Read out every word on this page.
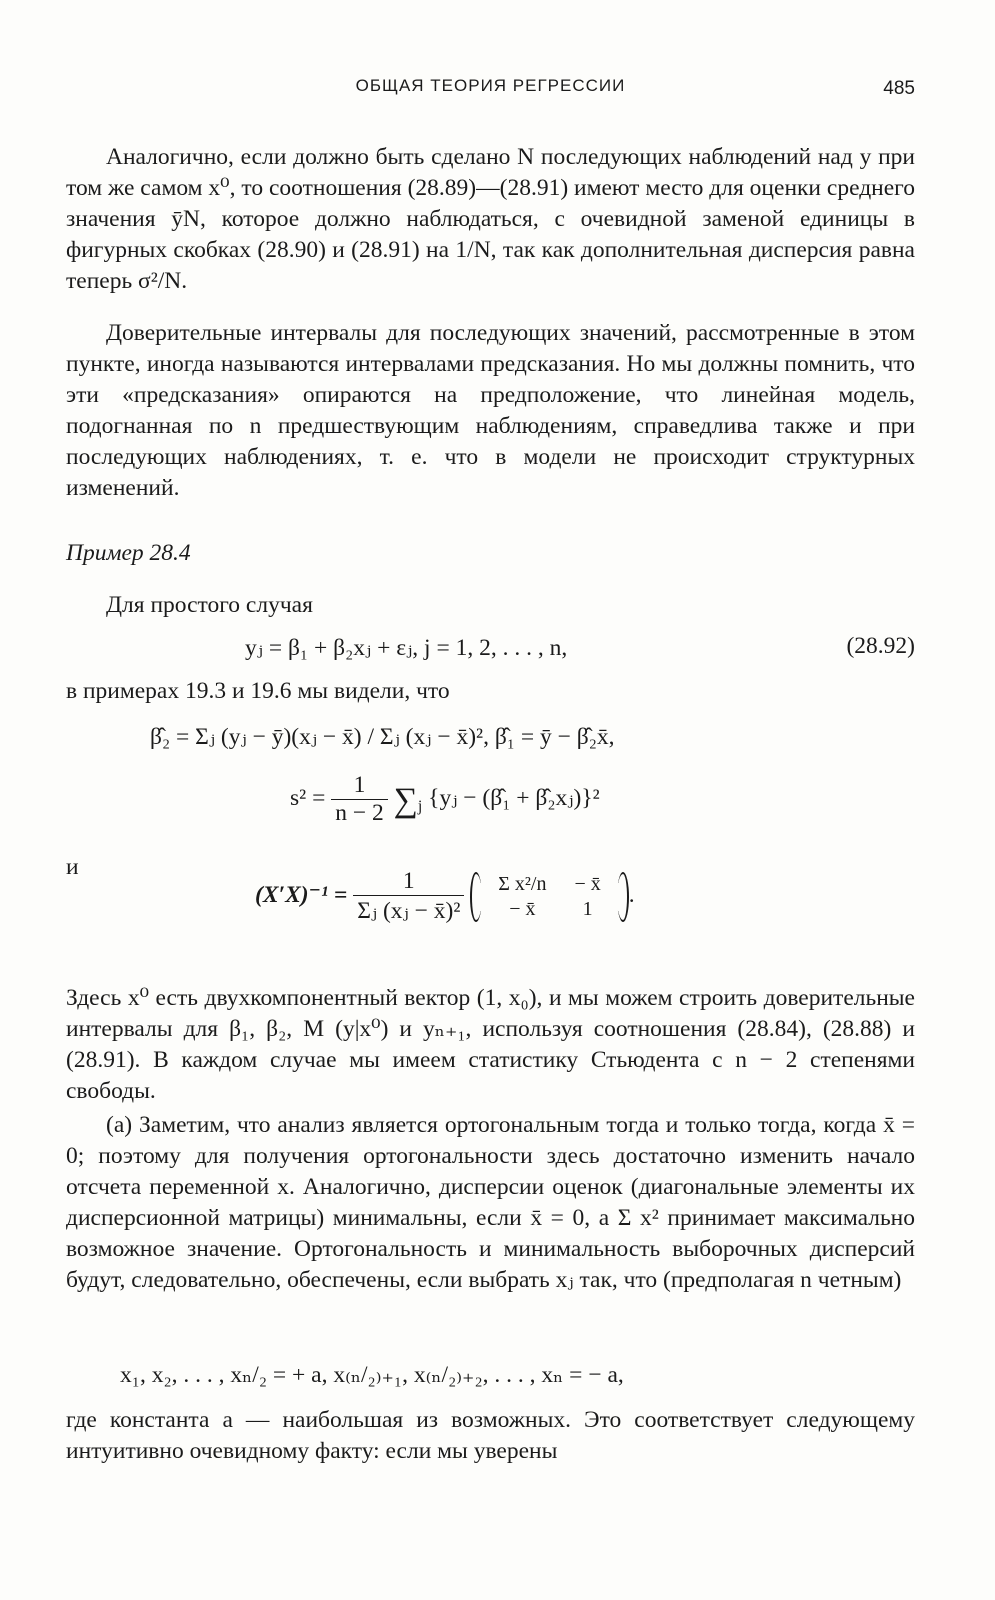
ОБЩАЯ ТЕОРИЯ РЕГРЕССИИ	485

Аналогично, если должно быть сделано N последующих наблюдений над y при том же самом x⁰, то соотношения (28.89)—(28.91) имеют место для оценки среднего значения ȳN, которое должно наблюдаться, с очевидной заменой единицы в фигурных скобках (28.90) и (28.91) на 1/N, так как дополнительная дисперсия равна теперь σ²/N.

Доверительные интервалы для последующих значений, рассмотренные в этом пункте, иногда называются интервалами предсказания. Но мы должны помнить, что эти «предсказания» опираются на предположение, что линейная модель, подогнанная по n предшествующим наблюдениям, справедлива также и при последующих наблюдениях, т. е. что в модели не происходит структурных изменений.

Пример 28.4

Для простого случая

yⱼ = β₁ + β₂xⱼ + εⱼ, j = 1, 2, . . . , n,	(28.92)

в примерах 19.3 и 19.6 мы видели, что

β̂₂ = Σⱼ (yⱼ − ȳ)(xⱼ − x̄) / Σⱼ (xⱼ − x̄)², β̂₁ = ȳ − β̂₂x̄,
$s^2 = \frac{1}{n - 2} \sum_j$ {yⱼ − (β̂₁ + β̂₂xⱼ)}²
и
$(X'X)^{-1} = \frac{1}{\text{Σⱼ (xⱼ − x̄)²}}$
Σ x²/n	− x̄
− x̄	1
.

Здесь x⁰ есть двухкомпонентный вектор (1, x₀), и мы можем строить доверительные интервалы для β₁, β₂, M (y|x⁰) и yₙ₊₁, используя соотношения (28.84), (28.88) и (28.91). В каждом случае мы имеем статистику Стьюдента с n − 2 степенями свободы.

(a) Заметим, что анализ является ортогональным тогда и только тогда, когда x̄ = 0; поэтому для получения ортогональности здесь достаточно изменить начало отсчета переменной x. Аналогично, дисперсии оценок (диагональные элементы их дисперсионной матрицы) минимальны, если x̄ = 0, а Σ x² принимает максимально возможное значение. Ортогональность и минимальность выборочных дисперсий будут, следовательно, обеспечены, если выбрать xⱼ так, что (предполагая n четным)

x₁, x₂, . . . , xₙ/₂ = + a, x₍ₙ/₂₎₊₁, x₍ₙ/₂₎₊₂, . . . , xₙ = − a,

где константа a — наибольшая из возможных. Это соответствует следующему интуитивно очевидному факту: если мы уверены
